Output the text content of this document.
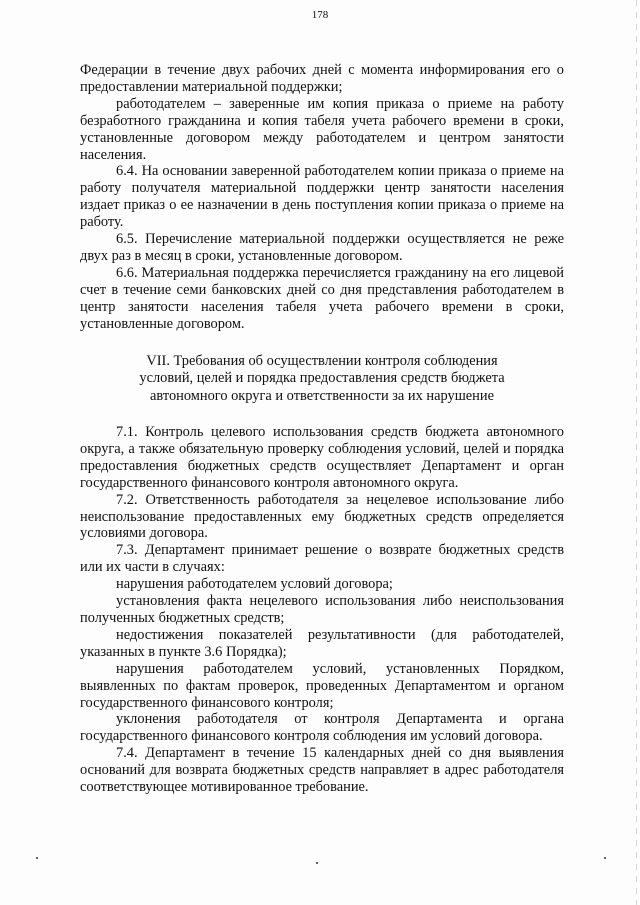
178

Федерации в течение двух рабочих дней с момента информирования его о предоставлении материальной поддержки;

работодателем – заверенные им копия приказа о приеме на работу безработного гражданина и копия табеля учета рабочего времени в сроки, установленные договором между работодателем и центром занятости населения.

6.4. На основании заверенной работодателем копии приказа о приеме на работу получателя материальной поддержки центр занятости населения издает приказ о ее назначении в день поступления копии приказа о приеме на работу.

6.5. Перечисление материальной поддержки осуществляется не реже двух раз в месяц в сроки, установленные договором.

6.6. Материальная поддержка перечисляется гражданину на его лицевой счет в течение семи банковских дней со дня представления работодателем в центр занятости населения табеля учета рабочего времени в сроки, установленные договором.

VII. Требования об осуществлении контроля соблюдения
условий, целей и порядка предоставления средств бюджета
автономного округа и ответственности за их нарушение

7.1. Контроль целевого использования средств бюджета автономного округа, а также обязательную проверку соблюдения условий, целей и порядка предоставления бюджетных средств осуществляет Департамент и орган государственного финансового контроля автономного округа.

7.2. Ответственность работодателя за нецелевое использование либо неиспользование предоставленных ему бюджетных средств определяется условиями договора.

7.3. Департамент принимает решение о возврате бюджетных средств или их части в случаях:

нарушения работодателем условий договора;

установления факта нецелевого использования либо неиспользования полученных бюджетных средств;

недостижения показателей результативности (для работодателей, указанных в пункте 3.6 Порядка);

нарушения работодателем условий, установленных Порядком, выявленных по фактам проверок, проведенных Департаментом и органом государственного финансового контроля;

уклонения работодателя от контроля Департамента и органа государственного финансового контроля соблюдения им условий договора.

7.4. Департамент в течение 15 календарных дней со дня выявления оснований для возврата бюджетных средств направляет в адрес работодателя соответствующее мотивированное требование.
